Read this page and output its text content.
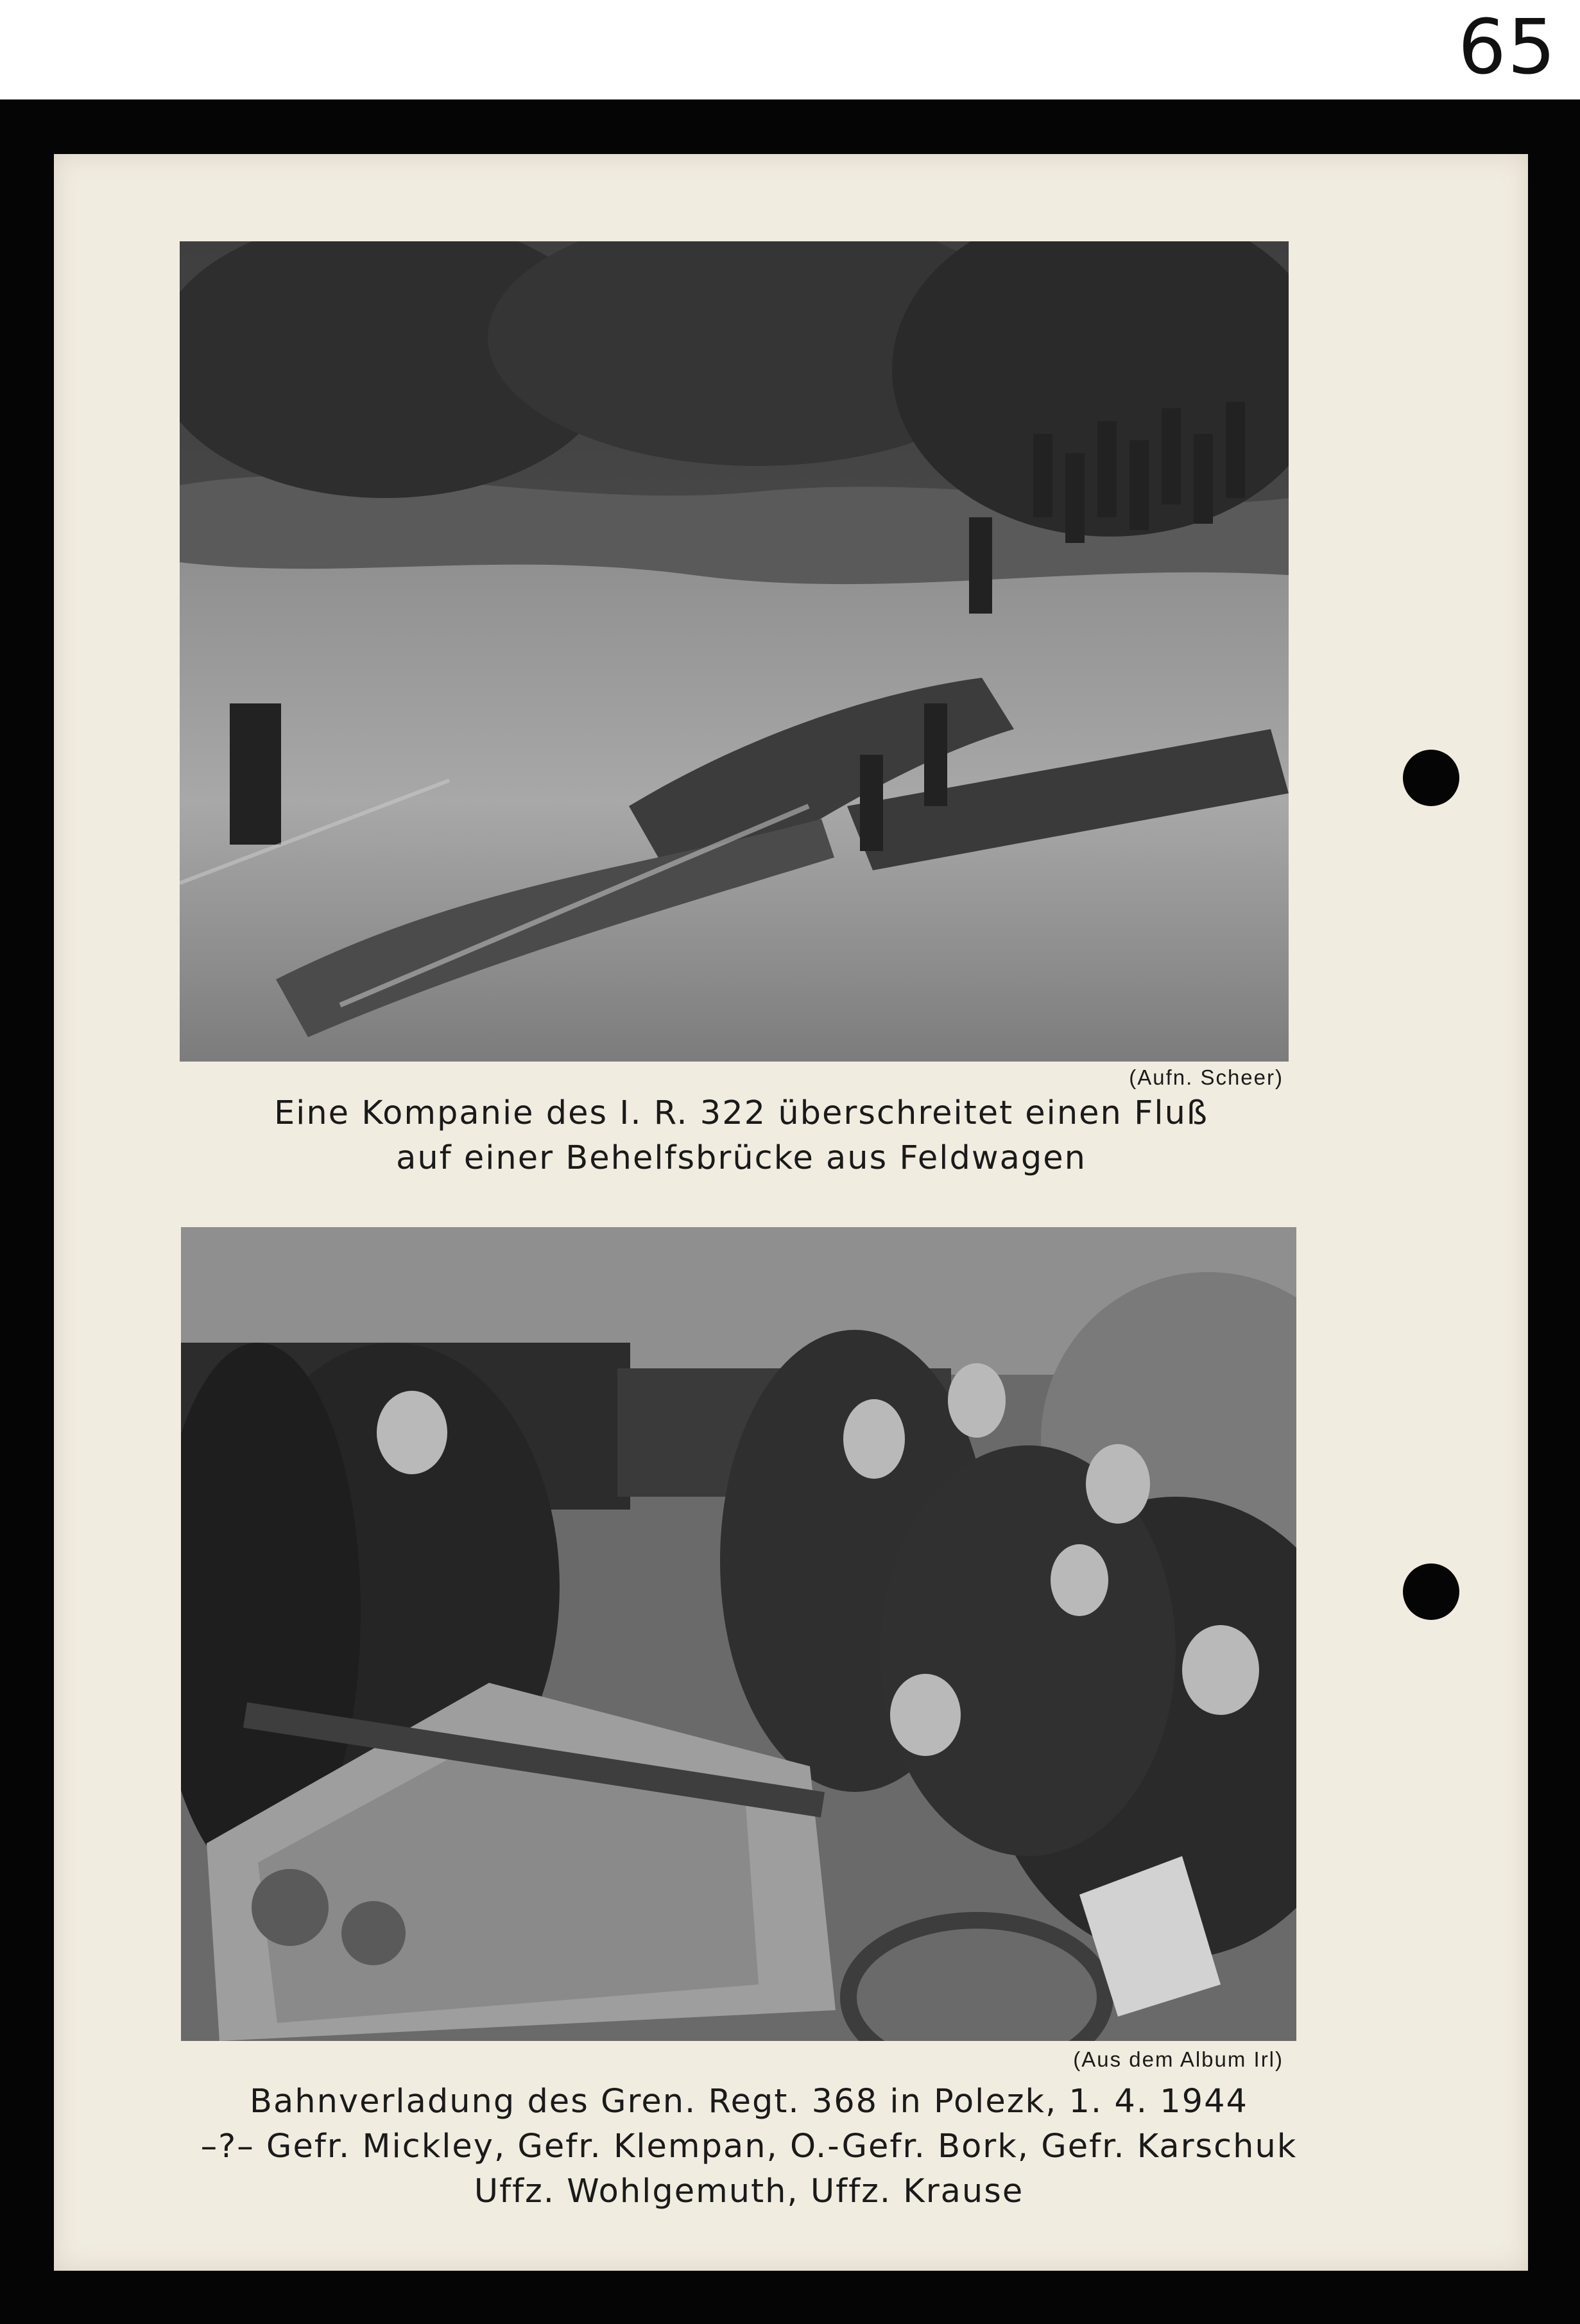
65
(Aufn. Scheer)
Eine Kompanie des I. R. 322 überschreitet einen Fluß
auf einer Behelfsbrücke aus Feldwagen
(Aus dem Album Irl)
Bahnverladung des Gren. Regt. 368 in Polezk, 1. 4. 1944
–?– Gefr. Mickley, Gefr. Klempan, O.-Gefr. Bork, Gefr. Karschuk
Uffz. Wohlgemuth, Uffz. Krause
